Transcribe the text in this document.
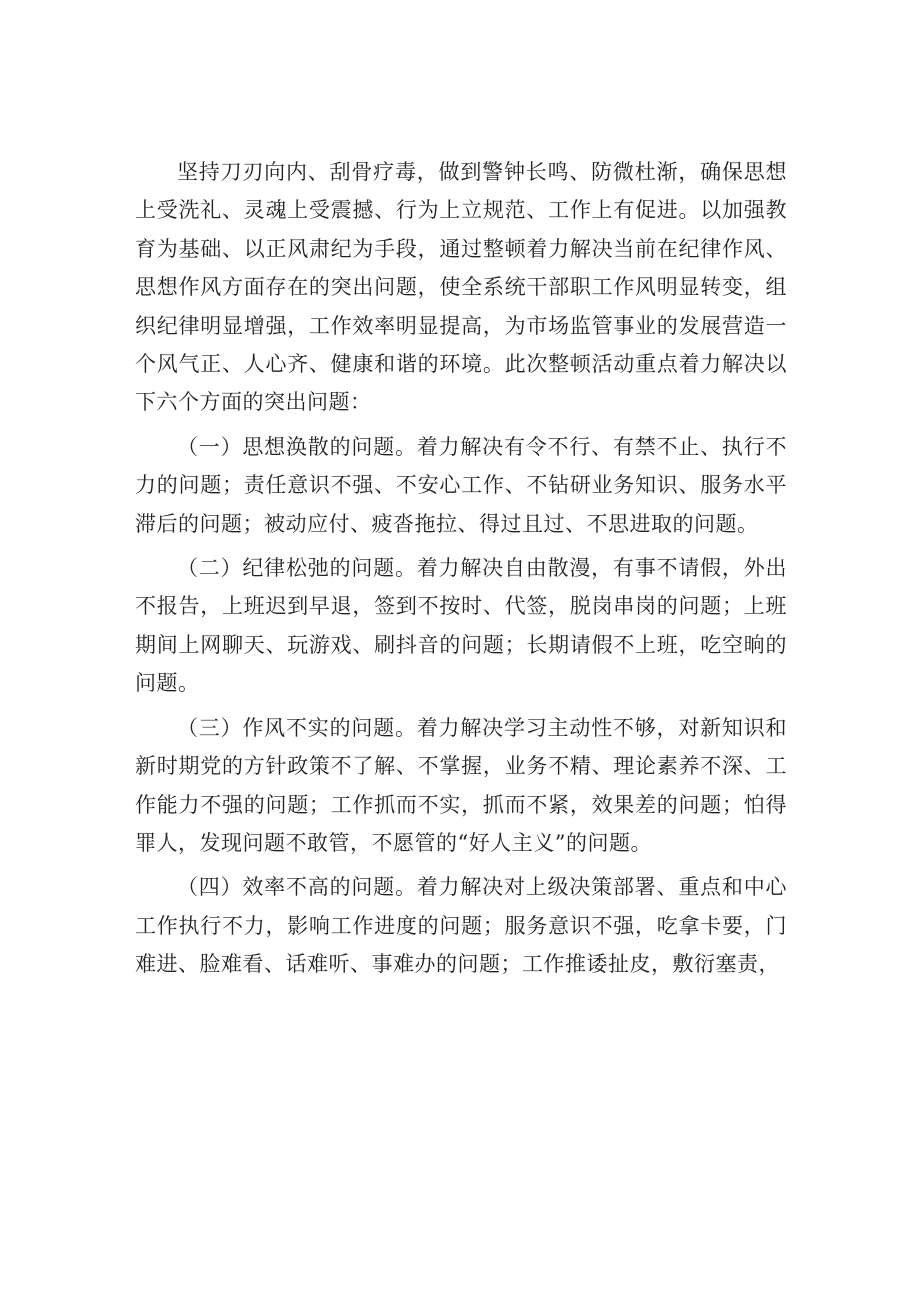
坚持刀刃向内、刮骨疗毒，做到警钟长鸣、防微杜渐，确保思想上受洗礼、灵魂上受震撼、行为上立规范、工作上有促进。以加强教育为基础、以正风肃纪为手段，通过整顿着力解决当前在纪律作风、思想作风方面存在的突出问题，使全系统干部职工作风明显转变，组织纪律明显增强，工作效率明显提高，为市场监管事业的发展营造一个风气正、人心齐、健康和谐的环境。此次整顿活动重点着力解决以下六个方面的突出问题：

（一）思想涣散的问题。着力解决有令不行、有禁不止、执行不力的问题；责任意识不强、不安心工作、不钻研业务知识、服务水平滞后的问题；被动应付、疲沓拖拉、得过且过、不思进取的问题。

（二）纪律松弛的问题。着力解决自由散漫，有事不请假，外出不报告，上班迟到早退，签到不按时、代签，脱岗串岗的问题；上班期间上网聊天、玩游戏、刷抖音的问题；长期请假不上班，吃空晌的问题。

（三）作风不实的问题。着力解决学习主动性不够，对新知识和新时期党的方针政策不了解、不掌握，业务不精、理论素养不深、工作能力不强的问题；工作抓而不实，抓而不紧，效果差的问题；怕得罪人，发现问题不敢管，不愿管的“好人主义”的问题。

（四）效率不高的问题。着力解决对上级决策部署、重点和中心工作执行不力，影响工作进度的问题；服务意识不强，吃拿卡要，门难进、脸难看、话难听、事难办的问题；工作推诿扯皮，敷衍塞责，
